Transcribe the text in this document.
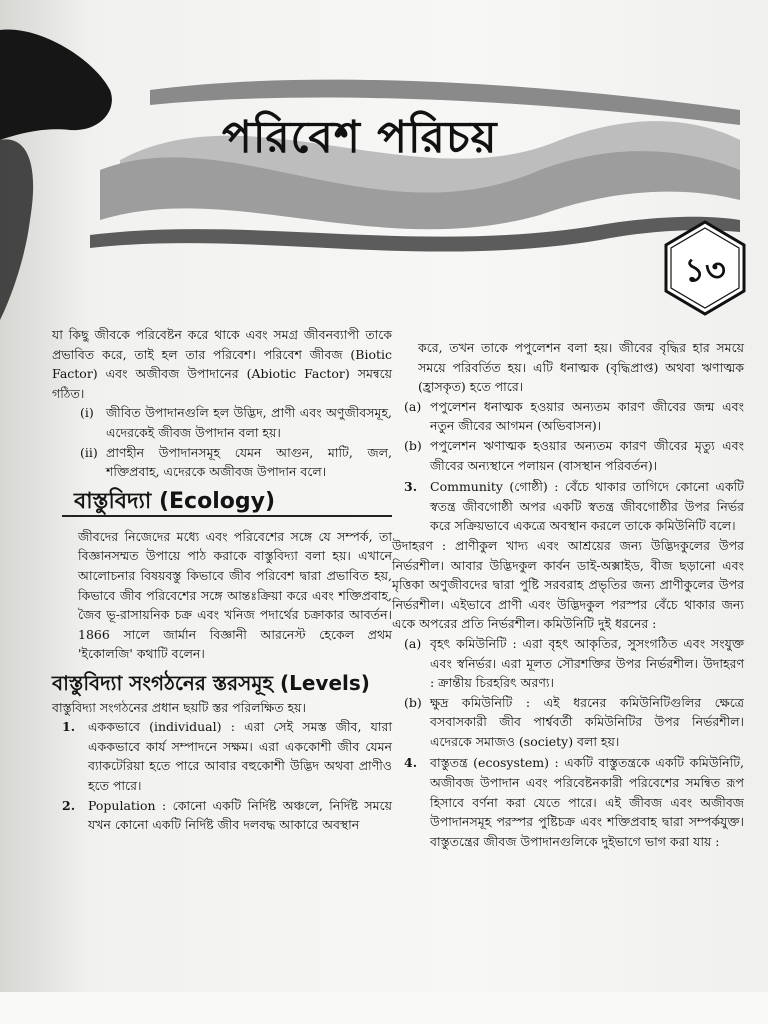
পরিবেশ পরিচয়
১৩

যা কিছু জীবকে পরিবেষ্টন করে থাকে এবং সমগ্র জীবনব্যাপী তাকে প্রভাবিত করে, তাই হল তার পরিবেশ। পরিবেশ জীবজ (Biotic Factor) এবং অজীবজ উপাদানের (Abiotic Factor) সমন্বয়ে গঠিত।

(i) জীবিত উপাদানগুলি হল উদ্ভিদ, প্রাণী এবং অণুজীবসমূহ, এদেরকেই জীবজ উপাদান বলা হয়।
(ii) প্রাণহীন উপাদানসমূহ যেমন আগুন, মাটি, জল, শক্তিপ্রবাহ, এদেরকে অজীবজ উপাদান বলে।
বাস্তুবিদ্যা (Ecology)

জীবদের নিজেদের মধ্যে এবং পরিবেশের সঙ্গে যে সম্পর্ক, তা বিজ্ঞানসম্মত উপায়ে পাঠ করাকে বাস্তুবিদ্যা বলা হয়। এখানে আলোচনার বিষয়বস্তু কিভাবে জীব পরিবেশ দ্বারা প্রভাবিত হয়, কিভাবে জীব পরিবেশের সঙ্গে আন্তঃক্রিয়া করে এবং শক্তিপ্রবাহ, জৈব ভূ-রাসায়নিক চক্র এবং খনিজ পদার্থের চক্রাকার আবর্তন। 1866 সালে জার্মান বিজ্ঞানী আরনেস্ট হেকেল প্রথম 'ইকোলজি' কথাটি বলেন।

বাস্তুবিদ্যা সংগঠনের স্তরসমূহ (Levels)

বাস্তুবিদ্যা সংগঠনের প্রধান ছয়টি স্তর পরিলক্ষিত হয়।

1.	এককভাবে (individual) : এরা সেই সমস্ত জীব, যারা এককভাবে কার্য সম্পাদনে সক্ষম। এরা এককোশী জীব যেমন ব্যাকটেরিয়া হতে পারে আবার বহুকোশী উদ্ভিদ অথবা প্রাণীও হতে পারে।
2.	Population : কোনো একটি নির্দিষ্ট অঞ্চলে, নির্দিষ্ট সময়ে যখন কোনো একটি নির্দিষ্ট জীব দলবদ্ধ আকারে অবস্থান

করে, তখন তাকে পপুলেশন বলা হয়। জীবের বৃদ্ধির হার সময়ে সময়ে পরিবর্তিত হয়। এটি ধনাত্মক (বৃদ্ধিপ্রাপ্ত) অথবা ঋণাত্মক (হ্রাসকৃত) হতে পারে।

(a) পপুলেশন ধনাত্মক হওয়ার অন্যতম কারণ জীবের জন্ম এবং নতুন জীবের আগমন (অভিবাসন)।
(b) পপুলেশন ঋণাত্মক হওয়ার অন্যতম কারণ জীবের মৃত্যু এবং জীবের অন্যস্থানে পলায়ন (বাসস্থান পরিবর্তন)।
3.	Community (গোষ্ঠী) : বেঁচে থাকার তাগিদে কোনো একটি স্বতন্ত্র জীবগোষ্ঠী অপর একটি স্বতন্ত্র জীবগোষ্ঠীর উপর নির্ভর করে সক্রিয়ভাবে একত্রে অবস্থান করলে তাকে কমিউনিটি বলে।

উদাহরণ : প্রাণীকুল খাদ্য এবং আশ্রয়ের জন্য উদ্ভিদকুলের উপর নির্ভরশীল। আবার উদ্ভিদকুল কার্বন ডাই-অক্সাইড, বীজ ছড়ানো এবং মৃত্তিকা অণুজীবদের দ্বারা পুষ্টি সরবরাহ প্রভৃতির জন্য প্রাণীকুলের উপর নির্ভরশীল। এইভাবে প্রাণী এবং উদ্ভিদকুল পরস্পর বেঁচে থাকার জন্য একে অপরের প্রতি নির্ভরশীল। কমিউনিটি দুই ধরনের :

(a) বৃহৎ কমিউনিটি : এরা বৃহৎ আকৃতির, সুসংগঠিত এবং সংযুক্ত এবং স্বনির্ভর। এরা মূলত সৌরশক্তির উপর নির্ভরশীল। উদাহরণ : ক্রান্তীয় চিরহরিৎ অরণ্য।
(b) ক্ষুদ্র কমিউনিটি : এই ধরনের কমিউনিটিগুলির ক্ষেত্রে বসবাসকারী জীব পার্শ্ববর্তী কমিউনিটির উপর নির্ভরশীল। এদেরকে সমাজও (society) বলা হয়।
4.	বাস্তুতন্ত্র (ecosystem) : একটি বাস্তুতন্ত্রকে একটি কমিউনিটি, অজীবজ উপাদান এবং পরিবেষ্টনকারী পরিবেশের সমন্বিত রূপ হিসাবে বর্ণনা করা যেতে পারে। এই জীবজ এবং অজীবজ উপাদানসমূহ পরস্পর পুষ্টিচক্র এবং শক্তিপ্রবাহ দ্বারা সম্পর্কযুক্ত। বাস্তুতন্ত্রের জীবজ উপাদানগুলিকে দুইভাগে ভাগ করা যায় :
